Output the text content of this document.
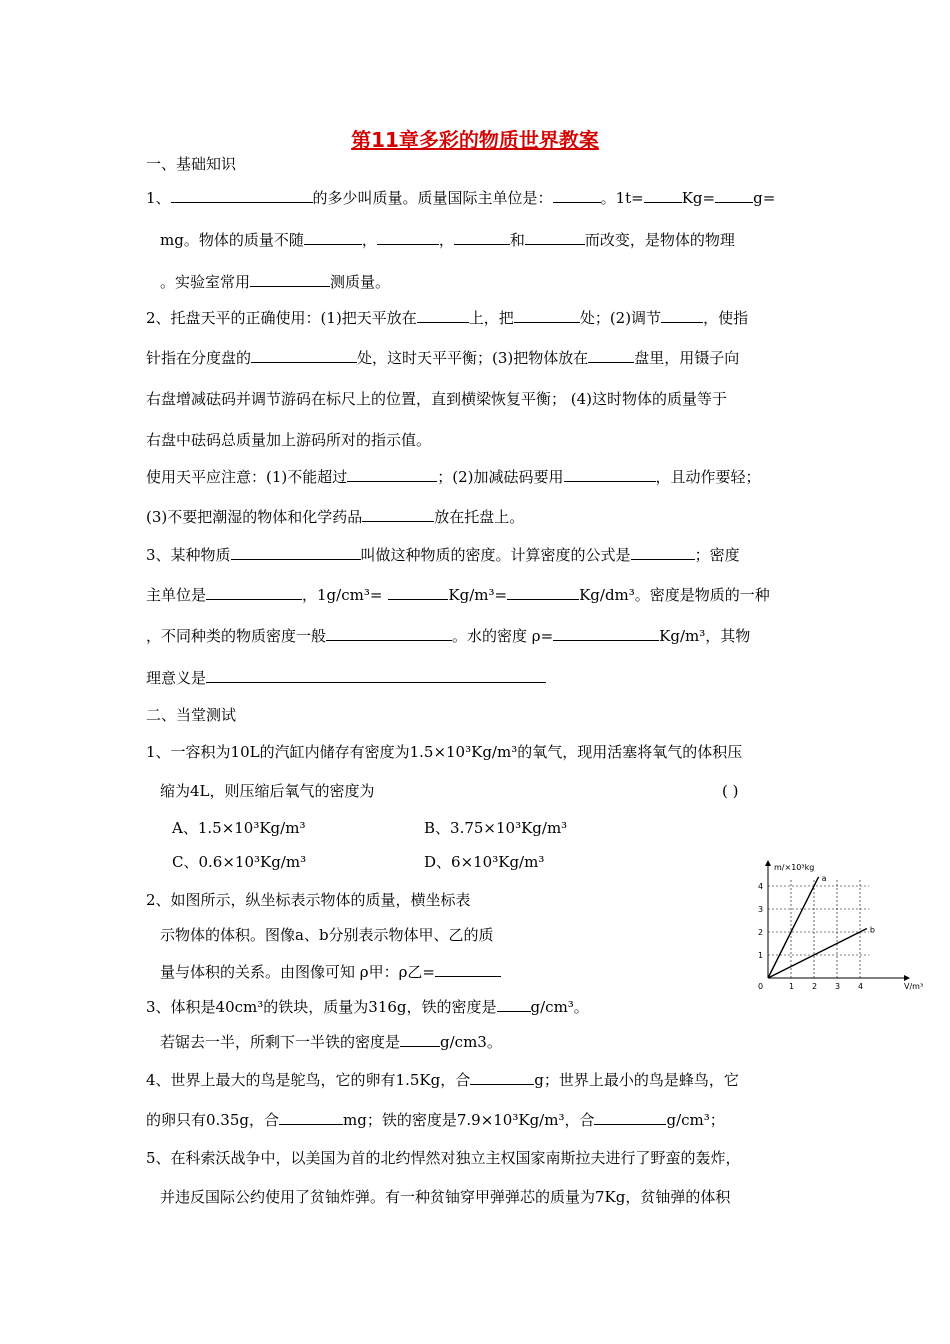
第11章多彩的物质世界教案
一、基础知识
1、	的多少叫质量。质量国际主单位是：	。1t=	Kg=	g=
mg。物体的质量不随	，	，	和	而改变，是物体的物理
。实验室常用	测质量。
2、托盘天平的正确使用：(1)把天平放在	上，把	处；(2)调节	，使指
针指在分度盘的	处，这时天平平衡；(3)把物体放在	盘里，用镊子向
右盘增减砝码并调节游码在标尺上的位置，直到横梁恢复平衡； (4)这时物体的质量等于
右盘中砝码总质量加上游码所对的指示值。
使用天平应注意：(1)不能超过	；(2)加减砝码要用	，且动作要轻；
(3)不要把潮湿的物体和化学药品	放在托盘上。
3、某种物质	叫做这种物质的密度。计算密度的公式是	；密度
主单位是	，1g/cm³=	Kg/m³=	Kg/dm³。密度是物质的一种
，不同种类的物质密度一般	。水的密度 ρ=	Kg/m³，其物
理意义是
二、当堂测试
1、一容积为10L的汽缸内储存有密度为1.5×10³Kg/m³的氧气，现用活塞将氧气的体积压
缩为4L，则压缩后氧气的密度为	( )
A、1.5×10³Kg/m³	B、3.75×10³Kg/m³
C、0.6×10³Kg/m³	D、6×10³Kg/m³
2、如图所示，纵坐标表示物体的质量，横坐标表
示物体的体积。图像a、b分别表示物体甲、乙的质
量与体积的关系。由图像可知 ρ甲：ρ乙=
m/×10³kg
V/m³
0	1 2 3 4
1
2
3
4
a
b
3、体积是40cm³的铁块，质量为316g，铁的密度是 g/cm³。
若锯去一半，所剩下一半铁的密度是	g/cm3。
4、世界上最大的鸟是鸵鸟，它的卵有1.5Kg，合	g；世界上最小的鸟是蜂鸟，它
的卵只有0.35g，合	mg；铁的密度是7.9×10³Kg/m³，合	g/cm³；
5、在科索沃战争中，以美国为首的北约悍然对独立主权国家南斯拉夫进行了野蛮的轰炸，
并违反国际公约使用了贫铀炸弹。有一种贫铀穿甲弹弹芯的质量为7Kg，贫铀弹的体积
